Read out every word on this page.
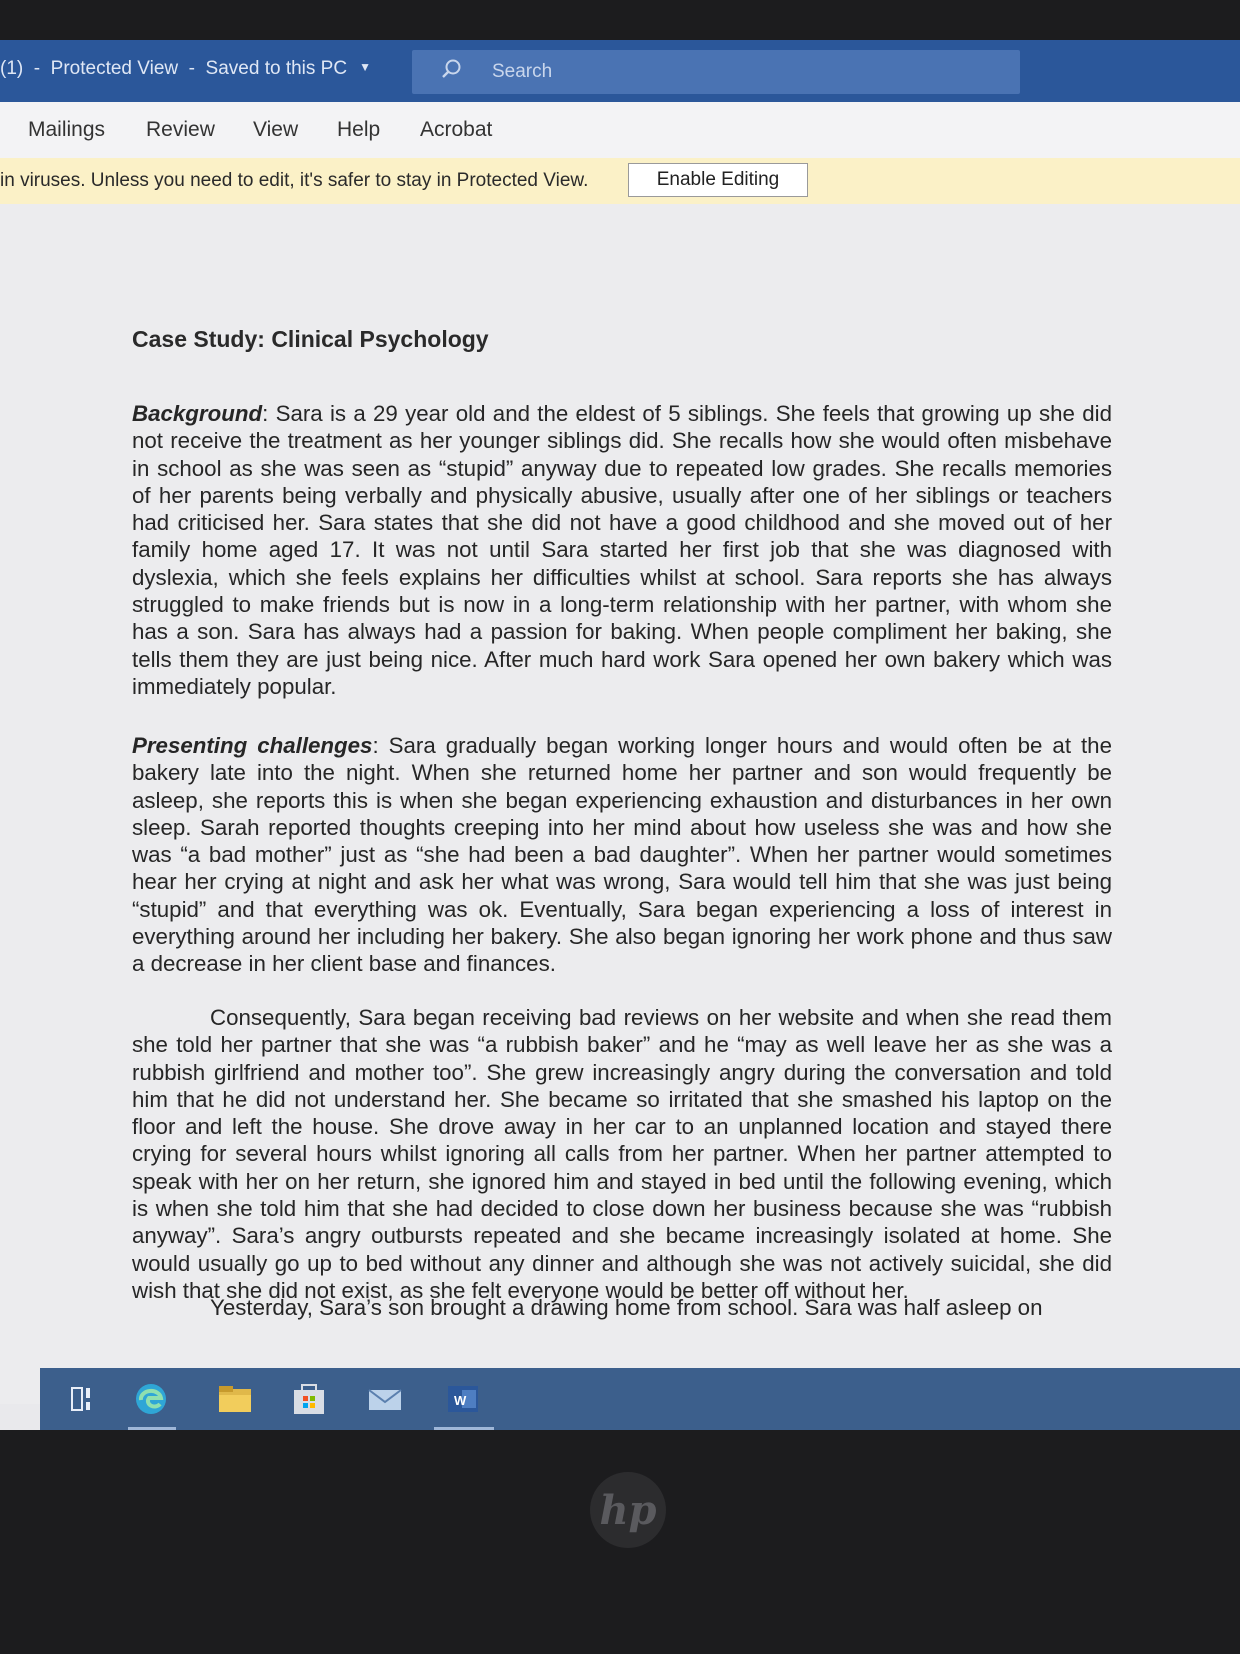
(1)  -  Protected View  -  Saved to this PC ▼	Search
Mailings Review View Help Acrobat
in viruses. Unless you need to edit, it's safer to stay in Protected View.	Enable Editing
Case Study: Clinical Psychology
Background: Sara is a 29 year old and the eldest of 5 siblings. She feels that growing up she did not receive the treatment as her younger siblings did. She recalls how she would often misbehave in school as she was seen as “stupid” anyway due to repeated low grades. She recalls memories of her parents being verbally and physically abusive, usually after one of her siblings or teachers had criticised her. Sara states that she did not have a good childhood and she moved out of her family home aged 17. It was not until Sara started her first job that she was diagnosed with dyslexia, which she feels explains her difficulties whilst at school. Sara reports she has always struggled to make friends but is now in a long-term relationship with her partner, with whom she has a son. Sara has always had a passion for baking. When people compliment her baking, she tells them they are just being nice. After much hard work Sara opened her own bakery which was immediately popular.
Presenting challenges: Sara gradually began working longer hours and would often be at the bakery late into the night. When she returned home her partner and son would frequently be asleep, she reports this is when she began experiencing exhaustion and disturbances in her own sleep. Sarah reported thoughts creeping into her mind about how useless she was and how she was “a bad mother” just as “she had been a bad daughter”. When her partner would sometimes hear her crying at night and ask her what was wrong, Sara would tell him that she was just being “stupid” and that everything was ok. Eventually, Sara began experiencing a loss of interest in everything around her including her bakery. She also began ignoring her work phone and thus saw a decrease in her client base and finances.
Consequently, Sara began receiving bad reviews on her website and when she read them she told her partner that she was “a rubbish baker” and he “may as well leave her as she was a rubbish girlfriend and mother too”. She grew increasingly angry during the conversation and told him that he did not understand her. She became so irritated that she smashed his laptop on the floor and left the house. She drove away in her car to an unplanned location and stayed there crying for several hours whilst ignoring all calls from her partner. When her partner attempted to speak with her on her return, she ignored him and stayed in bed until the following evening, which is when she told him that she had decided to close down her business because she was “rubbish anyway”. Sara’s angry outbursts repeated and she became increasingly isolated at home. She would usually go up to bed without any dinner and although she was not actively suicidal, she did wish that she did not exist, as she felt everyone would be better off without her.
Yesterday, Sara’s son brought a drawing home from school. Sara was half asleep on
W
hp
